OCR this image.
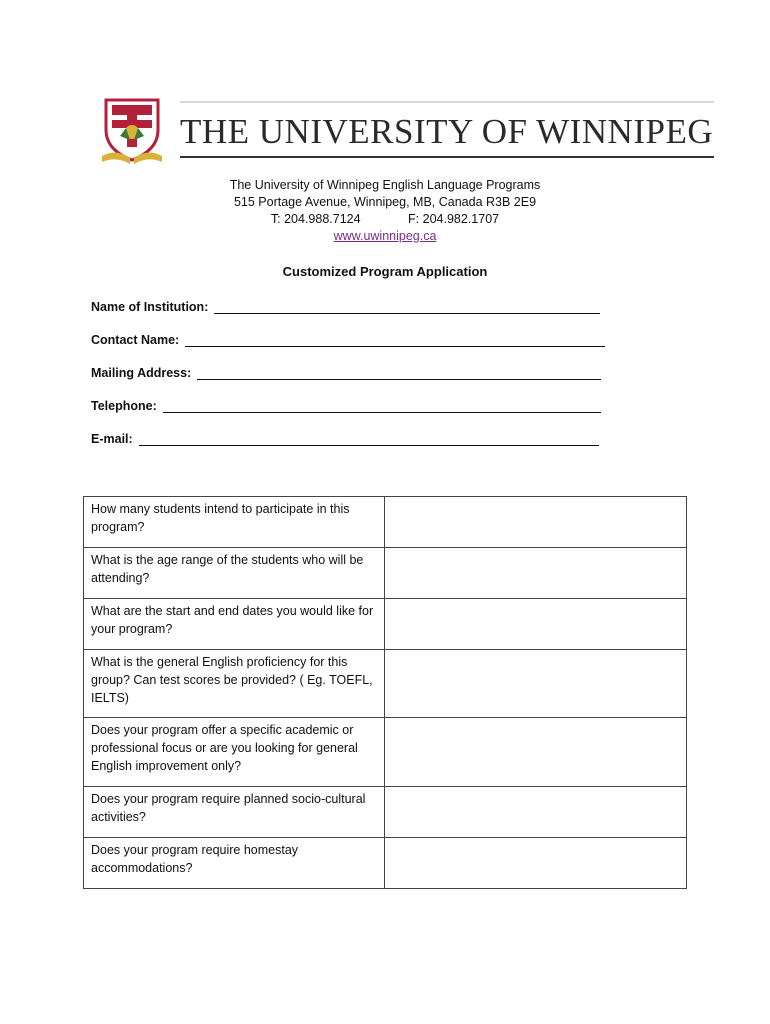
THE UNIVERSITY OF WINNIPEG
The University of Winnipeg English Language Programs
515 Portage Avenue, Winnipeg, MB, Canada R3B 2E9
T: 204.988.7124	F: 204.982.1707
www.uwinnipeg.ca
Customized Program Application
Name of Institution:
Contact Name:
Mailing Address:
Telephone:
E-mail:
How many students intend to participate in this program?	
What is the age range of the students who will be attending?	
What are the start and end dates you would like for your program?	
What is the general English proficiency for this group? Can test scores be provided? ( Eg. TOEFL, IELTS)	
Does your program offer a specific academic or professional focus or are you looking for general English improvement only?	
Does your program require planned socio-cultural activities?	
Does your program require homestay accommodations?	
